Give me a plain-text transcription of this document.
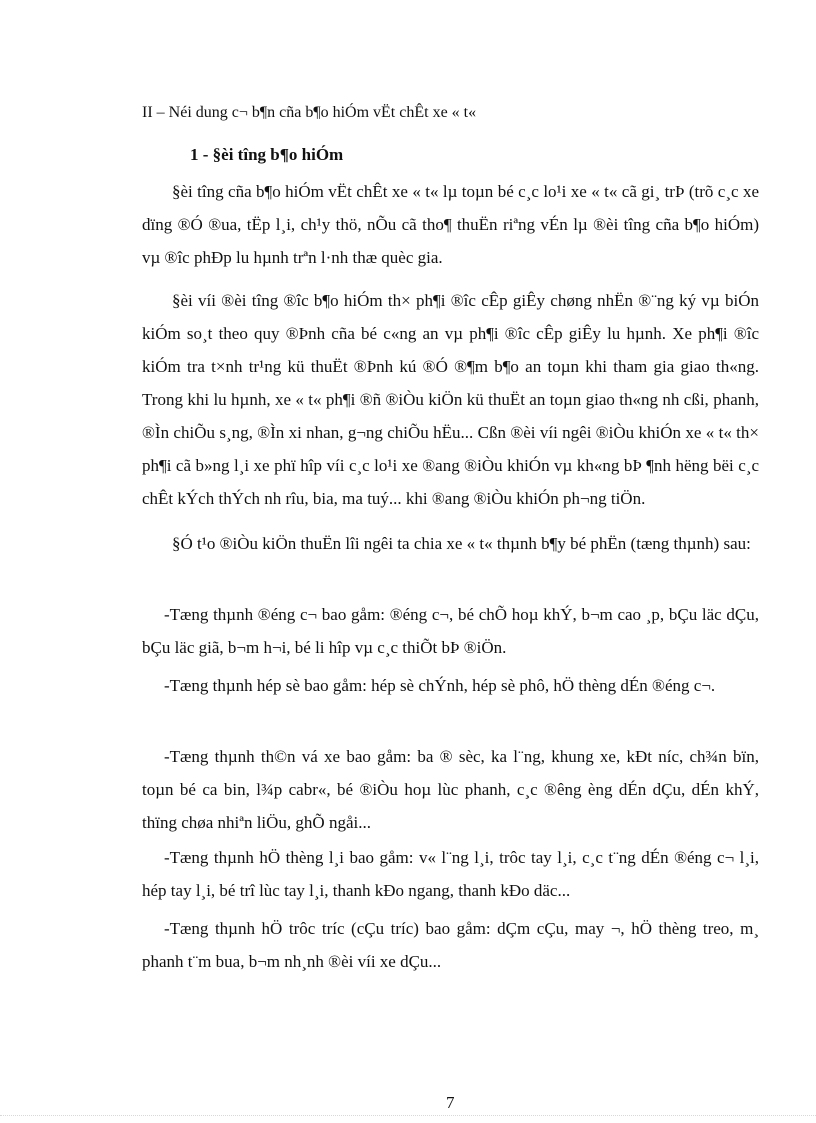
II – Néi dung c¬ b¶n cña b¶o hiÓm vËt chÊt xe « t«
1 - §èi tîng b¶o hiÓm

§èi tîng cña b¶o hiÓm vËt chÊt xe « t« lµ toµn bé c¸c lo¹i xe « t« cã gi¸ trÞ (trõ c¸c xe dïng ®Ó ®ua, tËp l¸i, ch¹y thö, nÕu cã tho¶ thuËn riªng vÉn lµ ®èi tîng cña b¶o hiÓm) vµ ®îc phÐp lu hµnh trªn l·nh thæ quèc gia.

§èi víi ®èi tîng ®îc b¶o hiÓm th× ph¶i ®îc cÊp giÊy chøng nhËn ®¨ng ký vµ biÓn kiÓm so¸t theo quy ®Þnh cña bé c«ng an vµ ph¶i ®îc cÊp giÊy lu hµnh. Xe ph¶i ®îc kiÓm tra t×nh tr¹ng kü thuËt ®Þnh kú ®Ó ®¶m b¶o an toµn khi tham gia giao th«ng. Trong khi lu hµnh, xe « t« ph¶i ®ñ ®iÒu kiÖn kü thuËt an toµn giao th«ng nh cßi, phanh, ®Ìn chiÕu s¸ng, ®Ìn xi nhan, g¬ng chiÕu hËu... Cßn ®èi víi ngêi ®iÒu khiÓn xe « t« th× ph¶i cã b»ng l¸i xe phï hîp víi c¸c lo¹i xe ®ang ®iÒu khiÓn vµ kh«ng bÞ ¶nh hëng bëi c¸c chÊt kÝch thÝch nh rîu, bia, ma tuý... khi ®ang ®iÒu khiÓn ph¬ng tiÖn.

§Ó t¹o ®iÒu kiÖn thuËn lîi ngêi ta chia xe « t« thµnh b¶y bé phËn (tæng thµnh) sau:

-Tæng thµnh ®éng c¬ bao gåm: ®éng c¬, bé chÕ hoµ khÝ, b¬m cao ¸p, bÇu läc dÇu, bÇu läc giã, b¬m h¬i, bé li hîp vµ c¸c thiÕt bÞ ®iÖn.

-Tæng thµnh hép sè bao gåm: hép sè chÝnh, hép sè phô, hÖ thèng dÉn ®éng c¬.

-Tæng thµnh th©n vá xe bao gåm: ba ® sèc, ka l¨ng, khung xe, kÐt níc, ch¾n bïn, toµn bé ca bin, l¾p cabr«, bé ®iÒu hoµ lùc phanh, c¸c ®êng èng dÉn dÇu, dÉn khÝ, thïng chøa nhiªn liÖu, ghÕ ngåi...

-Tæng thµnh hÖ thèng l¸i bao gåm: v« l¨ng l¸i, trôc tay l¸i, c¸c t¨ng dÉn ®éng c¬ l¸i, hép tay l¸i, bé trî lùc tay l¸i, thanh kÐo ngang, thanh kÐo däc...

-Tæng thµnh hÖ trôc tríc (cÇu tríc) bao gåm: dÇm cÇu, may ¬, hÖ thèng treo, m¸ phanh t¨m bua, b¬m nh¸nh ®èi víi xe dÇu...

7
